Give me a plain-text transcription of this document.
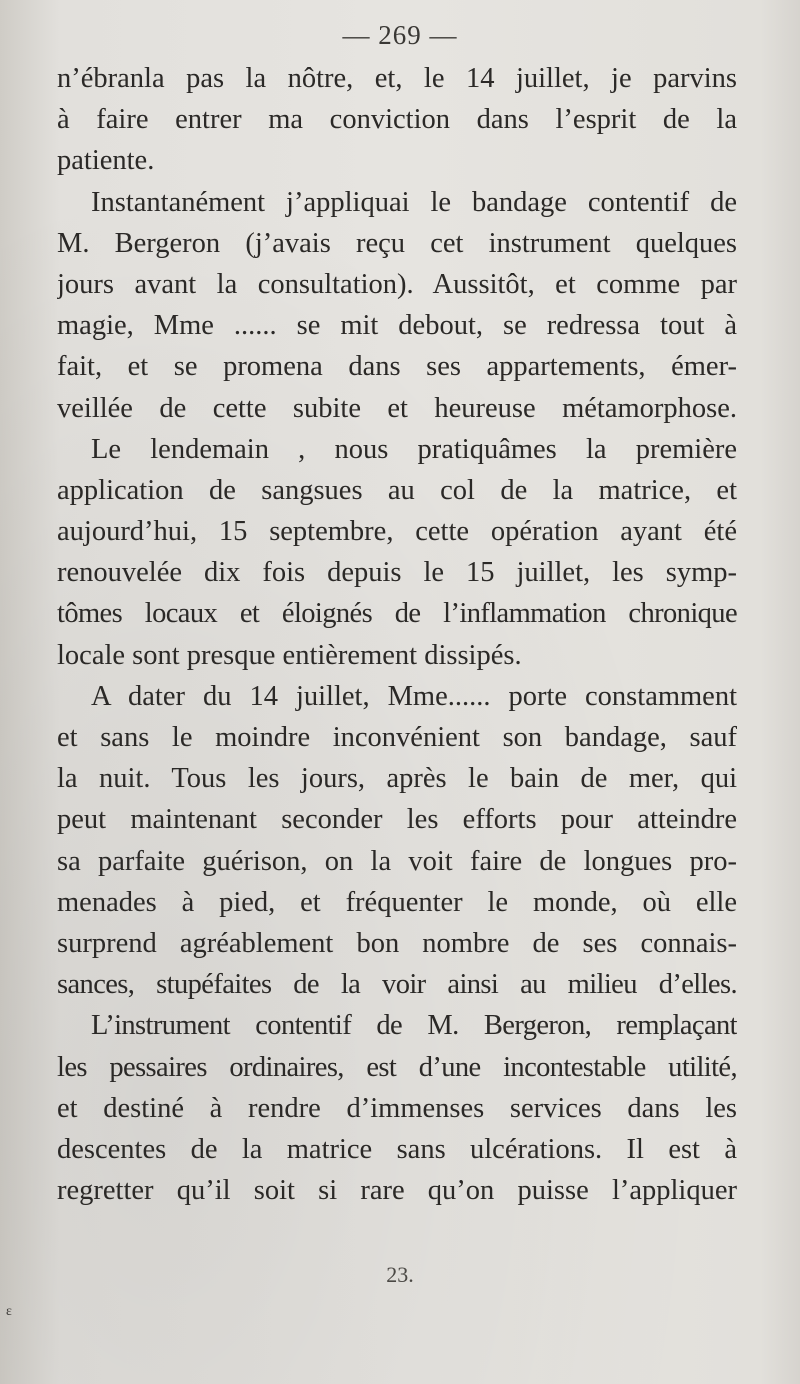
— 269 —
n’ébranla pas la nôtre, et, le 14 juillet, je parvins
à faire entrer ma conviction dans l’esprit de la
patiente.
Instantanément j’appliquai le bandage contentif de
M. Bergeron (j’avais reçu cet instrument quelques
jours avant la consultation). Aussitôt, et comme par
magie, Mme ...... se mit debout, se redressa tout à
fait, et se promena dans ses appartements, émer-
veillée de cette subite et heureuse métamorphose.
Le lendemain , nous pratiquâmes la première
application de sangsues au col de la matrice, et
aujourd’hui, 15 septembre, cette opération ayant été
renouvelée dix fois depuis le 15 juillet, les symp-
tômes locaux et éloignés de l’inflammation chronique
locale sont presque entièrement dissipés.
A dater du 14 juillet, Mme...... porte constamment
et sans le moindre inconvénient son bandage, sauf
la nuit. Tous les jours, après le bain de mer, qui
peut maintenant seconder les efforts pour atteindre
sa parfaite guérison, on la voit faire de longues pro-
menades à pied, et fréquenter le monde, où elle
surprend agréablement bon nombre de ses connais-
sances, stupéfaites de la voir ainsi au milieu d’elles.
L’instrument contentif de M. Bergeron, remplaçant
les pessaires ordinaires, est d’une incontestable utilité,
et destiné à rendre d’immenses services dans les
descentes de la matrice sans ulcérations. Il est à
regretter qu’il soit si rare qu’on puisse l’appliquer
23.
ɛ
